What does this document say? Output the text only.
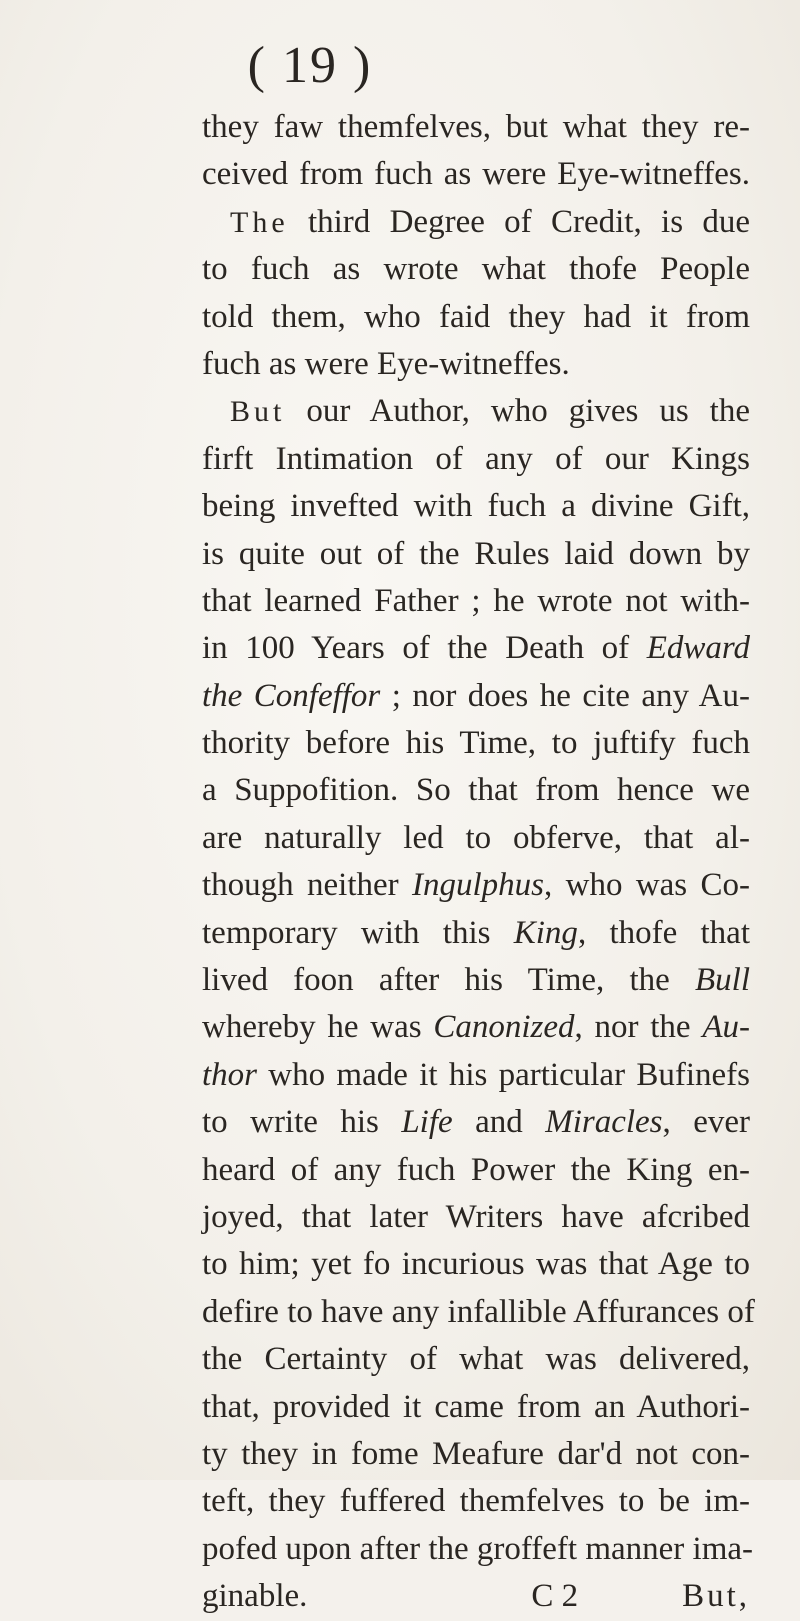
( 19 )
they faw themfelves, but what they re-
ceived from fuch as were Eye-witneffes.
The third Degree of Credit, is due
to fuch as wrote what thofe People
told them, who faid they had it from
fuch as were Eye-witneffes.
But our Author, who gives us the
firft Intimation of any of our Kings
being invefted with fuch a divine Gift,
is quite out of the Rules laid down by
that learned Father ; he wrote not with-
in 100 Years of the Death of Edward
the Confeffor ; nor does he cite any Au-
thority before his Time, to juftify fuch
a Suppofition. So that from hence we
are naturally led to obferve, that al-
though neither Ingulphus, who was Co-
temporary with this King, thofe that
lived foon after his Time, the Bull
whereby he was Canonized, nor the Au-
thor who made it his particular Bufinefs
to write his Life and Miracles, ever
heard of any fuch Power the King en-
joyed, that later Writers have afcribed
to him; yet fo incurious was that Age to
defire to have any infallible Affurances of
the Certainty of what was delivered,
that, provided it came from an Authori-
ty they in fome Meafure dar'd not con-
teft, they fuffered themfelves to be im-
pofed upon after the groffeft manner ima-
ginable.	C 2	But,
